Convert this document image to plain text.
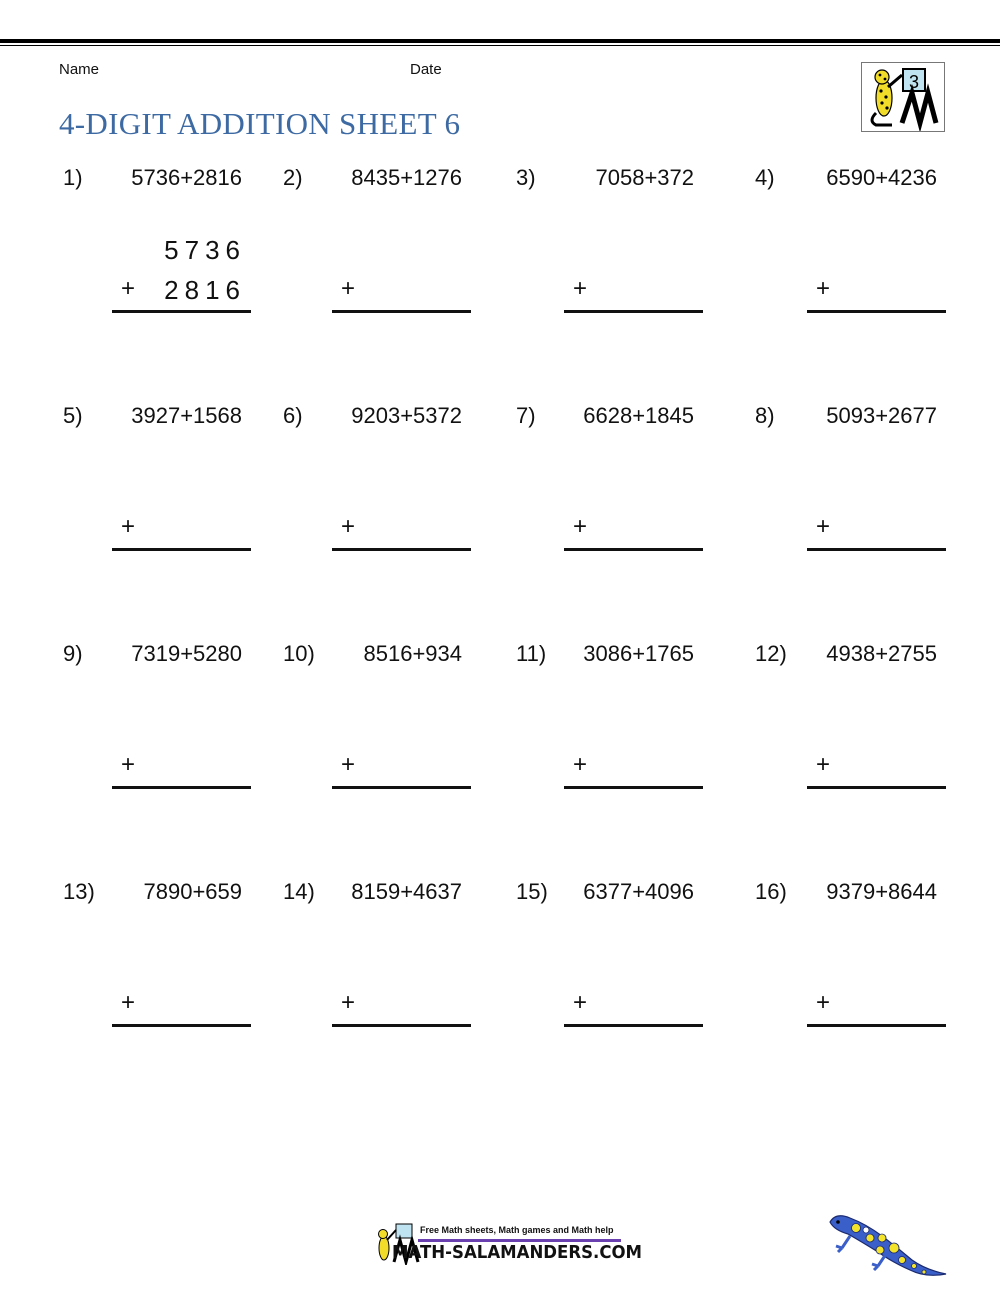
Name	Date
4-DIGIT ADDITION SHEET 6
3
1)	5736+2816
5736
+	2816
2)	8435+1276
+
3)	7058+372
+
4)	6590+4236
+
5)	3927+1568
+
6)	9203+5372
+
7)	6628+1845
+
8)	5093+2677
+
9)	7319+5280
+
10)	8516+934
+
11)	3086+1765
+
12)	4938+2755
+
13)	7890+659
+
14)	8159+4637
+
15)	6377+4096
+
16)	9379+8644
+
Free Math sheets, Math games and Math help
MATH-SALAMANDERS.COM
